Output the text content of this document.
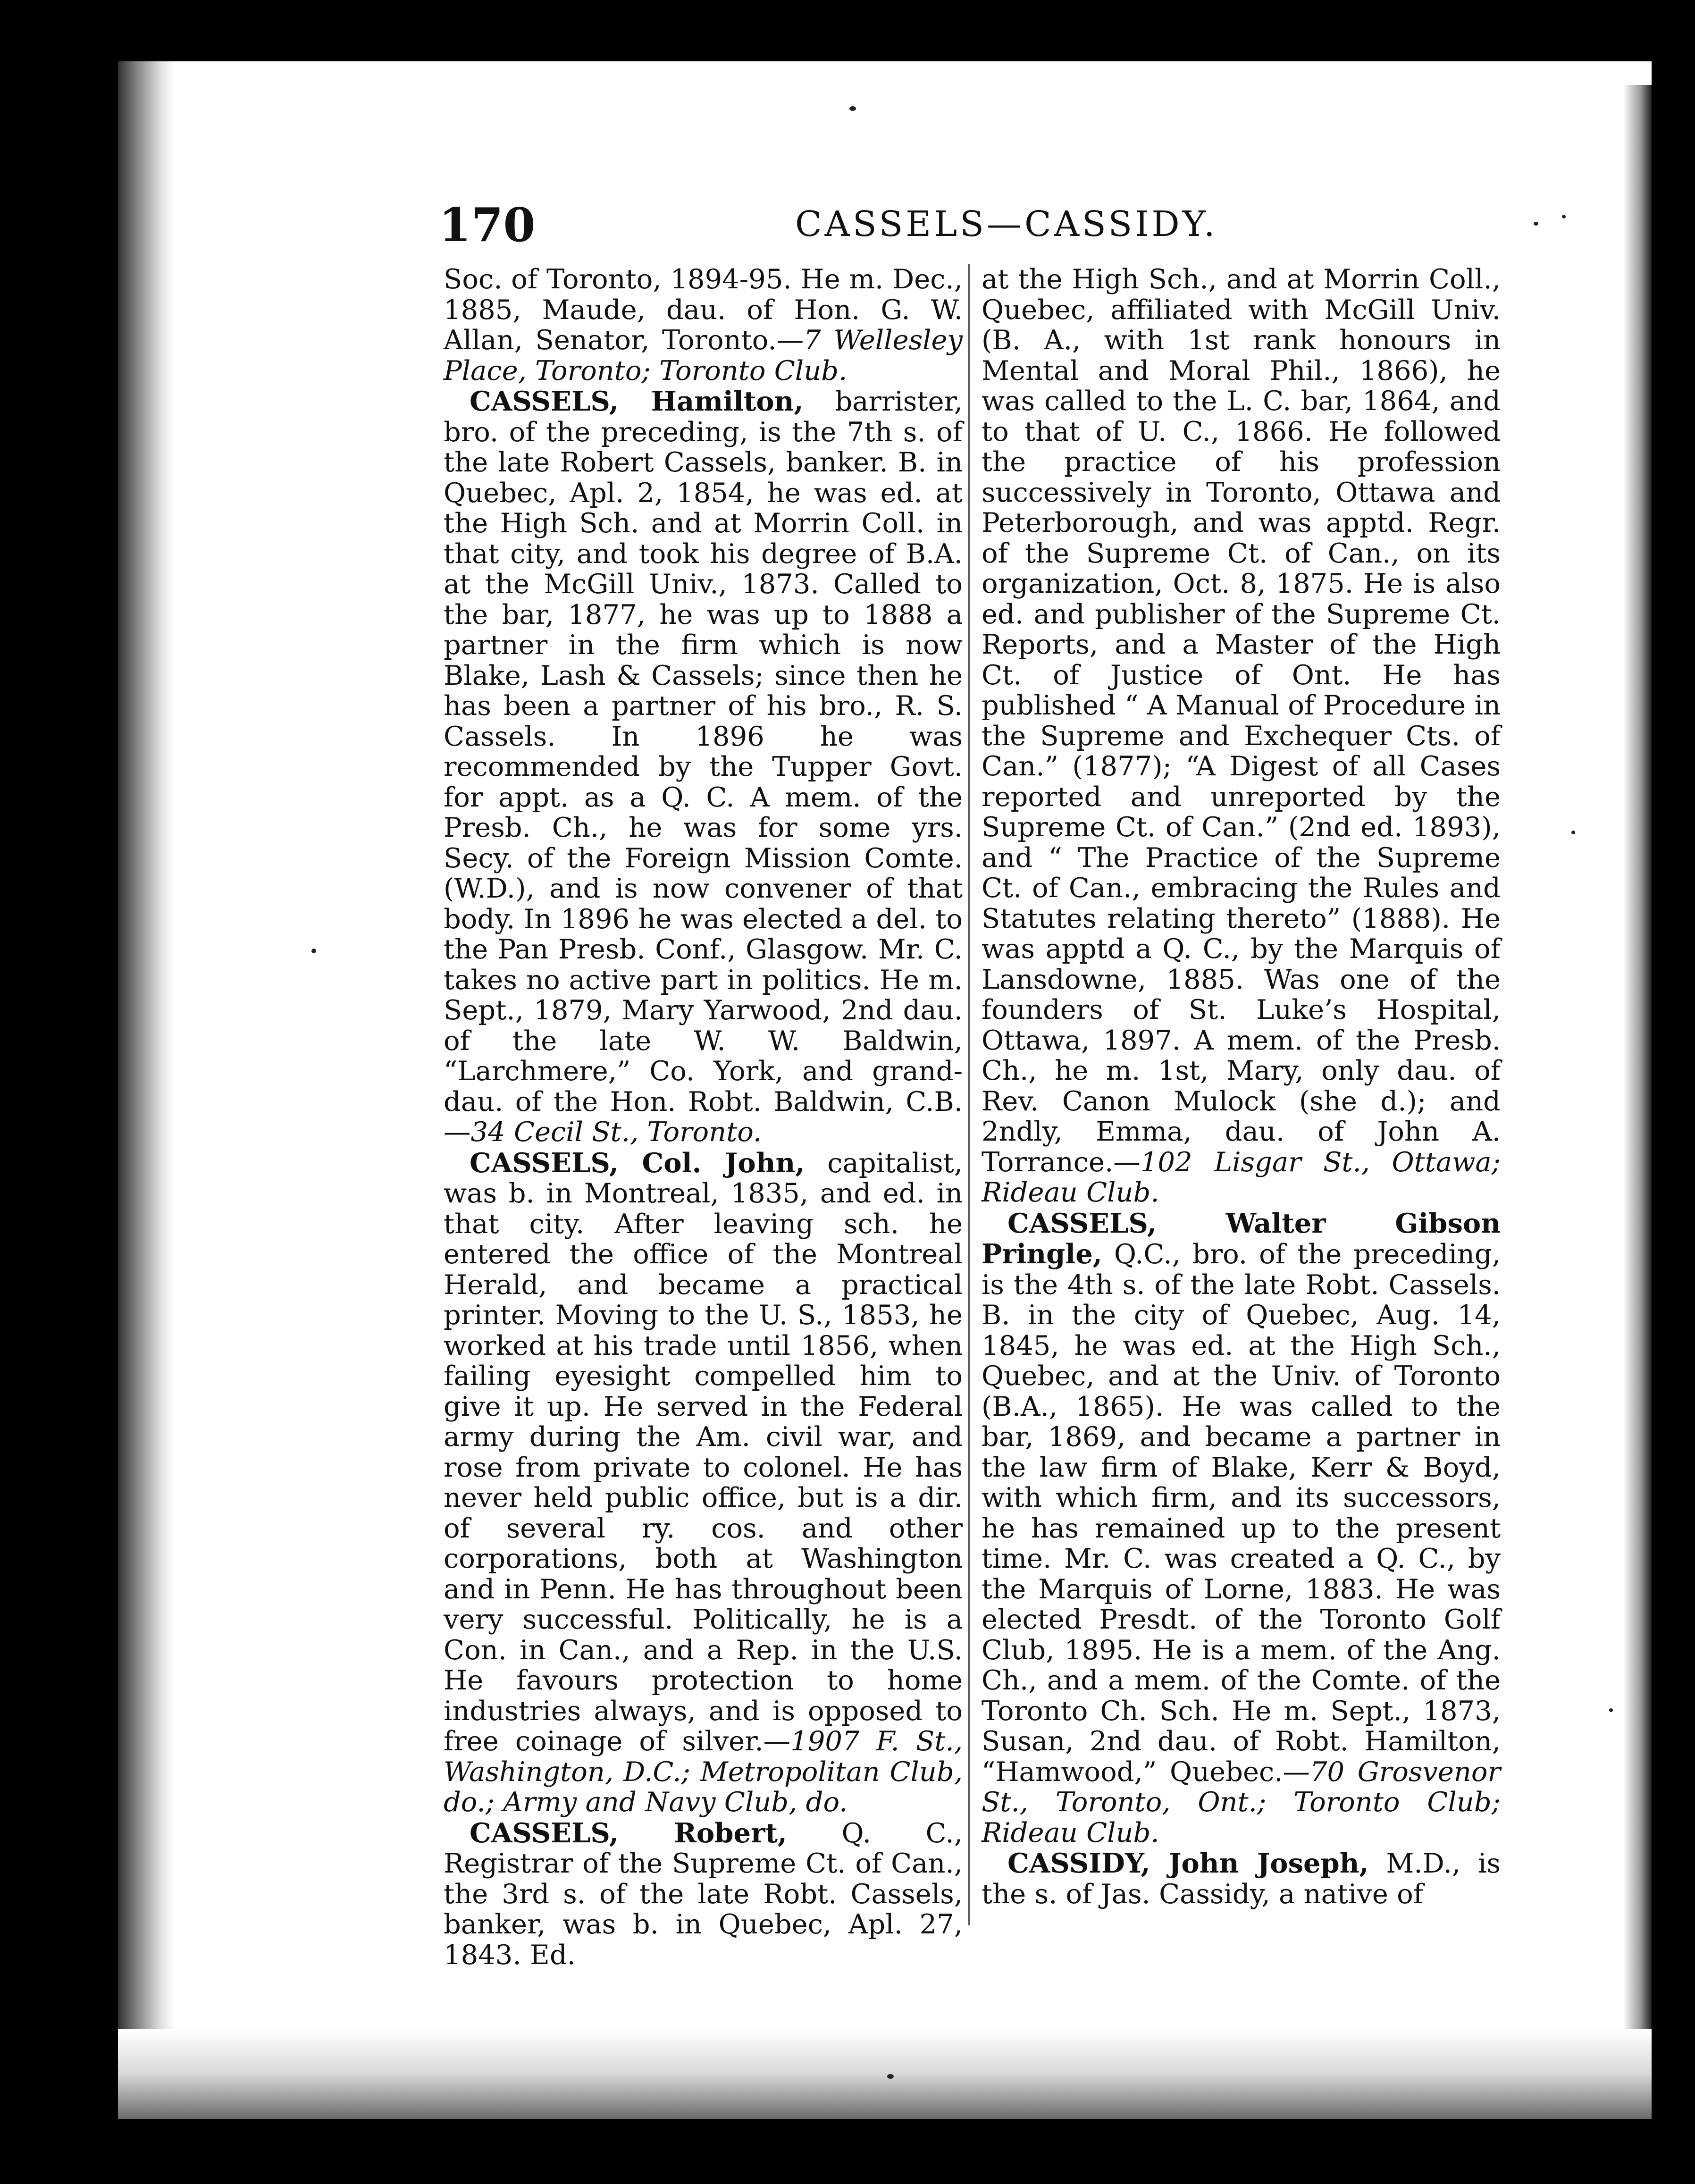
170	CASSELS—CASSIDY.

Soc. of Toronto, 1894-95. He m. Dec., 1885, Maude, dau. of Hon. G. W. Allan, Senator, Toronto.—7 Wellesley Place, Toronto; Toronto Club.

CASSELS, Hamilton, barrister, bro. of the preceding, is the 7th s. of the late Robert Cassels, banker. B. in Quebec, Apl. 2, 1854, he was ed. at the High Sch. and at Morrin Coll. in that city, and took his degree of B.A. at the McGill Univ., 1873. Called to the bar, 1877, he was up to 1888 a partner in the firm which is now Blake, Lash & Cassels; since then he has been a partner of his bro., R. S. Cassels. In 1896 he was recommended by the Tupper Govt. for appt. as a Q. C. A mem. of the Presb. Ch., he was for some yrs. Secy. of the Foreign Mission Comte. (W.D.), and is now convener of that body. In 1896 he was elected a del. to the Pan Presb. Conf., Glasgow. Mr. C. takes no active part in politics. He m. Sept., 1879, Mary Yarwood, 2nd dau. of the late W. W. Baldwin, “Larchmere,” Co. York, and grand-dau. of the Hon. Robt. Baldwin, C.B.—34 Cecil St., Toronto.

CASSELS, Col. John, capitalist, was b. in Montreal, 1835, and ed. in that city. After leaving sch. he entered the office of the Montreal Herald, and became a practical printer. Moving to the U. S., 1853, he worked at his trade until 1856, when failing eyesight compelled him to give it up. He served in the Federal army during the Am. civil war, and rose from private to colonel. He has never held public office, but is a dir. of several ry. cos. and other corporations, both at Washington and in Penn. He has throughout been very successful. Politically, he is a Con. in Can., and a Rep. in the U.S. He favours protection to home industries always, and is opposed to free coinage of silver.—1907 F. St., Washington, D.C.; Metropolitan Club, do.; Army and Navy Club, do.

CASSELS, Robert, Q. C., Registrar of the Supreme Ct. of Can., the 3rd s. of the late Robt. Cassels, banker, was b. in Quebec, Apl. 27, 1843. Ed.

at the High Sch., and at Morrin Coll., Quebec, affiliated with McGill Univ. (B. A., with 1st rank honours in Mental and Moral Phil., 1866), he was called to the L. C. bar, 1864, and to that of U. C., 1866. He followed the practice of his profession successively in Toronto, Ottawa and Peterborough, and was apptd. Regr. of the Supreme Ct. of Can., on its organization, Oct. 8, 1875. He is also ed. and publisher of the Supreme Ct. Reports, and a Master of the High Ct. of Justice of Ont. He has published “ A Manual of Procedure in the Supreme and Exchequer Cts. of Can.” (1877); “A Digest of all Cases reported and unreported by the Supreme Ct. of Can.” (2nd ed. 1893), and “ The Practice of the Supreme Ct. of Can., embracing the Rules and Statutes relating thereto” (1888). He was apptd a Q. C., by the Marquis of Lansdowne, 1885. Was one of the founders of St. Luke’s Hospital, Ottawa, 1897. A mem. of the Presb. Ch., he m. 1st, Mary, only dau. of Rev. Canon Mulock (she d.); and 2ndly, Emma, dau. of John A. Torrance.—102 Lisgar St., Ottawa; Rideau Club.

CASSELS, Walter Gibson Pringle, Q.C., bro. of the preceding, is the 4th s. of the late Robt. Cassels. B. in the city of Quebec, Aug. 14, 1845, he was ed. at the High Sch., Quebec, and at the Univ. of Toronto (B.A., 1865). He was called to the bar, 1869, and became a partner in the law firm of Blake, Kerr & Boyd, with which firm, and its successors, he has remained up to the present time. Mr. C. was created a Q. C., by the Marquis of Lorne, 1883. He was elected Presdt. of the Toronto Golf Club, 1895. He is a mem. of the Ang. Ch., and a mem. of the Comte. of the Toronto Ch. Sch. He m. Sept., 1873, Susan, 2nd dau. of Robt. Hamilton, “Hamwood,” Quebec.—70 Grosvenor St., Toronto, Ont.; Toronto Club; Rideau Club.

CASSIDY, John Joseph, M.D., is the s. of Jas. Cassidy, a native of
